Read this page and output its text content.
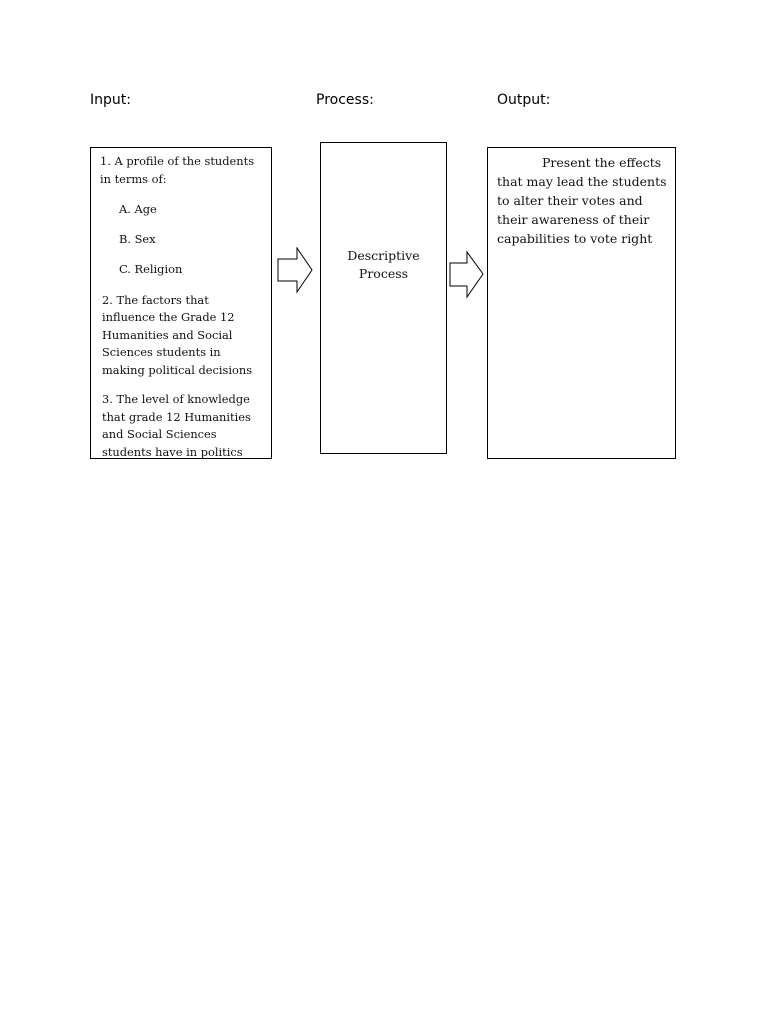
Input:	Process:	Output:

1. A profile of the students in terms of:

A. Age

B. Sex

C. Religion

2. The factors that influence the Grade 12 Humanities and Social Sciences students in making political decisions

3. The level of knowledge that grade 12 Humanities and Social Sciences students have in politics

Descriptive
Process

Present the effects that may lead the students to alter their votes and their awareness of their capabilities to vote right
